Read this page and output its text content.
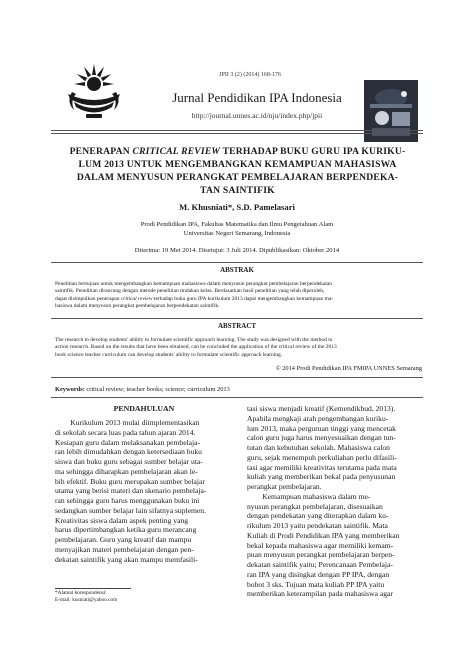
JPII 3 (2) (2014) 168-176
Jurnal Pendidikan IPA Indonesia
http://journal.unnes.ac.id/nju/index.php/jpii
PENERAPAN CRITICAL REVIEW TERHADAP BUKU GURU IPA KURIKU-
LUM 2013 UNTUK MENGEMBANGKAN KEMAMPUAN MAHASISWA
DALAM MENYUSUN PERANGKAT PEMBELAJARAN BERPENDEKA-
TAN SAINTIFIK
M. Khusniati*, S.D. Pamelasari
Prodi Pendidikan IPA, Fakultas Matematika dan Ilmu Pengetahuan Alam
Universitas Negeri Semarang, Indonesia
Diterima: 19 Mei 2014. Disetujui: 3 Juli 2014. Dipublikasikan: Oktober 2014
ABSTRAK
Penelitian bertujuan untuk mengembangkan kemampuan mahasiswa dalam menyusun perangkat pembelajaran berpendekatan
saintifik. Penelitian dirancang dengan metode penelitian tindakan kelas. Berdasarkan hasil penelitian yang telah diperoleh,
dapat disimpulkan penerapan critical review terhadap buku guru IPA kurikulum 2013 dapat mengembangkan kemampuan ma-
hasiswa dalam menyusun perangkat pembelajaran berpendekatan saintifik.
ABSTRACT
The research to develop students' ability to formulate scientific approach learning. The study was designed with the method to
action research. Based on the results that have been obtained, can be concluded the application of the critical review of the 2013
book science teacher curriculum can develop students' ability to formulate scientific approach learning.
© 2014 Prodi Pendidikan IPA FMIPA UNNES Semarang
Keywords: critical review; teacher books; science; curriculum 2013
PENDAHULUAN
Kurikulum 2013 mulai diimplementasikan
di sekolah secara luas pada tahun ajaran 2014.
Kesiapan guru dalam melaksanakan pembelaja-
ran lebih dimudahkan dengan ketersediaan buku
siswa dan buku guru sebagai sumber belajar uta-
ma sehingga diharapkan pembelajaran akan le-
bih efektif. Buku guru merupakan sumber belajar
utama yang berisi materi dan skenario pembelaja-
ran sehingga guru harus menggunakan buku ini
sedangkan sumber belajar lain sifatnya suplemen.
Kreativitas siswa dalam aspek penting yang
harus dipertimbangkan ketika guru merancang
pembelajaran. Guru yang kreatif dan mampu
menyajikan materi pembelajaran dengan pen-
dekatan saintifik yang akan mampu memfasili-
tasi siswa menjadi kreatif (Kemendikbud, 2013).
Apabila mengkaji arah pengembangan kuriku-
lum 2013, maka perguruan tinggi yang mencetak
calon guru juga harus menyesuaikan dengan tun-
tutan dan kebutuhan sekolah. Mahasiswa calon
guru, sejak menempuh perkuliahan perlu difasili-
tasi agar memiliki kreativitas terutama pada mata
kuliah yang memberikan bekal pada penyusunan
perangkat pembelajaran.
Kemampuan mahasiswa dalam me-
nyusun perangkat pembelajaran, disesuaikan
dengan pendekatan yang diterapkan dalam ku-
rikulum 2013 yaitu pendekatan saintifik. Mata
Kuliah di Prodi Pendidikan IPA yang memberikan
bekal kepada mahasiswa agar memiliki kemam-
puan menyusun perangkat pembelajaran berpen-
dekatan saintifik yaitu; Perencanaan Pembelaja-
ran IPA yang disingkat dengan PP IPA, dengan
bobot 3 sks. Tujuan mata kuliah PP IPA yaitu
memberikan keterampilan pada mahasiswa agar
*Alamat korespondensi:
E-mail: kusniati@yahoo.com
